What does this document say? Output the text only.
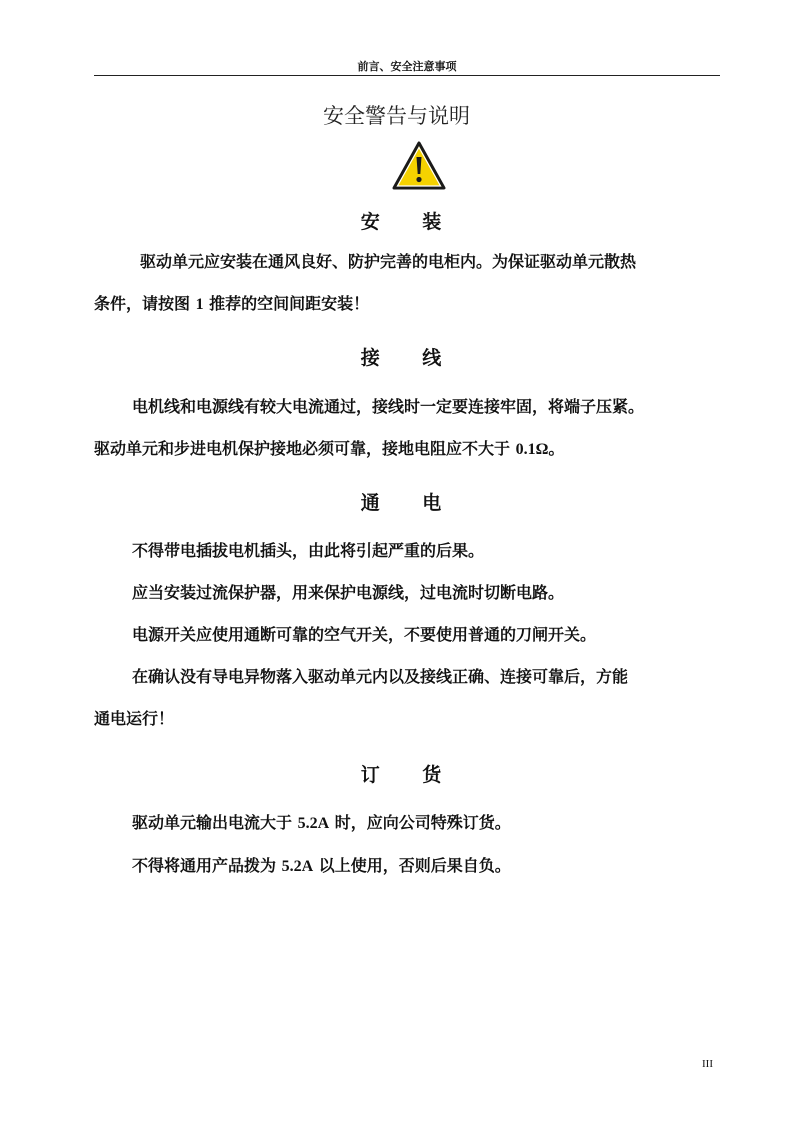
前言、安全注意事项
安全警告与说明
安 装
驱动单元应安装在通风良好、防护完善的电柜内。为保证驱动单元散热
条件，请按图 1 推荐的空间间距安装！
接 线
电机线和电源线有较大电流通过，接线时一定要连接牢固，将端子压紧。
驱动单元和步进电机保护接地必须可靠，接地电阻应不大于 0.1Ω。
通 电
不得带电插拔电机插头，由此将引起严重的后果。
应当安装过流保护器，用来保护电源线，过电流时切断电路。
电源开关应使用通断可靠的空气开关，不要使用普通的刀闸开关。
在确认没有导电异物落入驱动单元内以及接线正确、连接可靠后，方能
通电运行！
订 货
驱动单元输出电流大于 5.2A 时，应向公司特殊订货。
不得将通用产品拨为 5.2A 以上使用，否则后果自负。
III
